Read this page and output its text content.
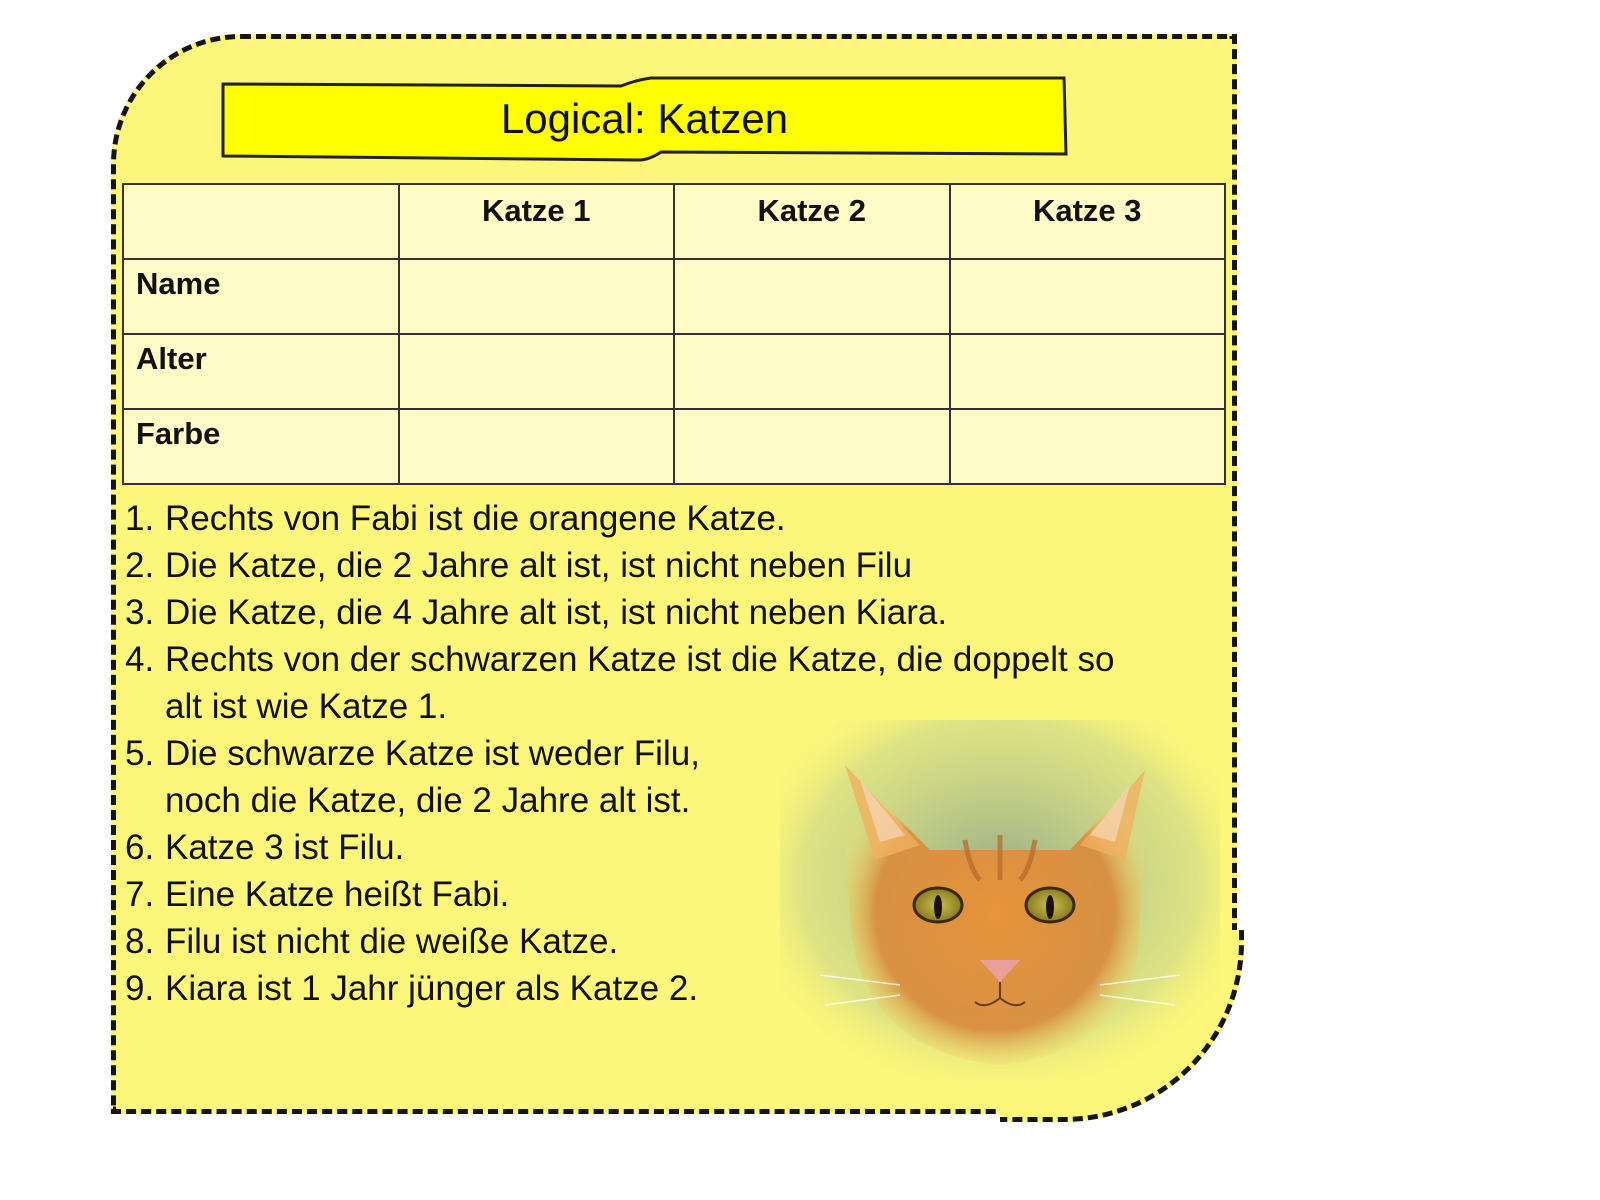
Logical: Katzen
	Katze 1	Katze 2	Katze 3
Name			
Alter			
Farbe			
1. Rechts von Fabi ist die orangene Katze.
2. Die Katze, die 2 Jahre alt ist, ist nicht neben Filu
3. Die Katze, die 4 Jahre alt ist, ist nicht neben Kiara.
4. Rechts von der schwarzen Katze ist die Katze, die doppelt so
alt ist wie Katze 1.
5. Die schwarze Katze ist weder Filu,
noch die Katze, die 2 Jahre alt ist.
6. Katze 3 ist Filu.
7. Eine Katze heißt Fabi.
8. Filu ist nicht die weiße Katze.
9. Kiara ist 1 Jahr jünger als Katze 2.
